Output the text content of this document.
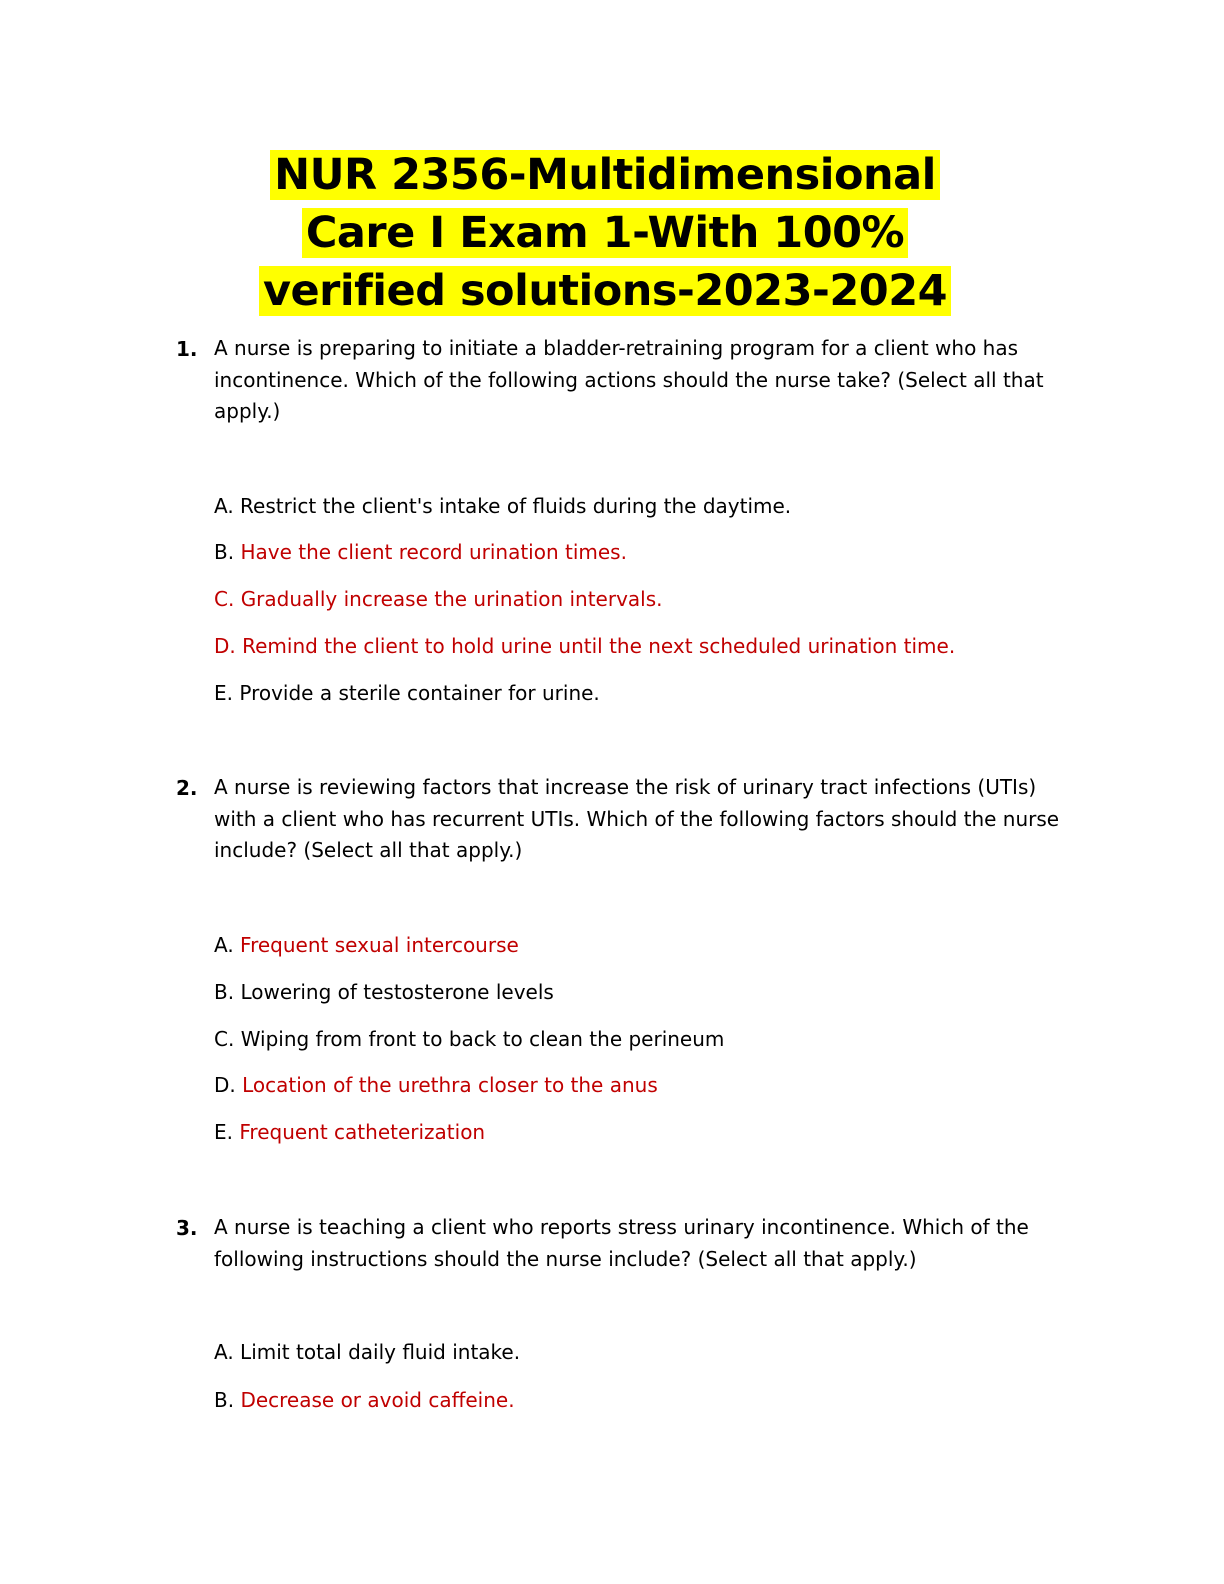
NUR 2356-Multidimensional
Care I Exam 1-With 100%
verified solutions-2023-2024
1. A nurse is preparing to initiate a bladder-retraining program for a client who has incontinence. Which of the following actions should the nurse take? (Select all that apply.)
A. Restrict the client's intake of fluids during the daytime.
B. Have the client record urination times.
C. Gradually increase the urination intervals.
D. Remind the client to hold urine until the next scheduled urination time.
E. Provide a sterile container for urine.
2. A nurse is reviewing factors that increase the risk of urinary tract infections (UTIs) with a client who has recurrent UTIs. Which of the following factors should the nurse include? (Select all that apply.)
A. Frequent sexual intercourse
B. Lowering of testosterone levels
C. Wiping from front to back to clean the perineum
D. Location of the urethra closer to the anus
E. Frequent catheterization
3. A nurse is teaching a client who reports stress urinary incontinence. Which of the following instructions should the nurse include? (Select all that apply.)
A. Limit total daily fluid intake.
B. Decrease or avoid caffeine.
